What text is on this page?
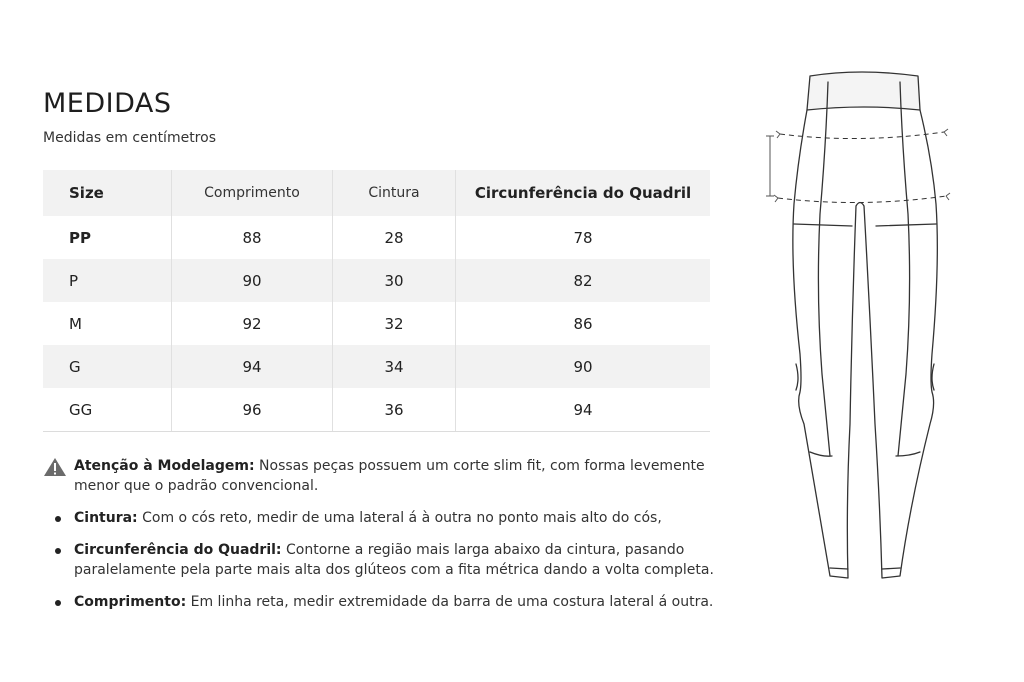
MEDIDAS
Medidas em centímetros
Size	Comprimento	Cintura	Circunferência do Quadril
PP	88	28	78
P	90	30	82
M	92	32	86
G	94	34	90
GG	96	36	94
Atenção à Modelagem: Nossas peças possuem um corte slim fit, com forma levemente menor que o padrão convencional.
Cintura: Com o cós reto, medir de uma lateral á à outra no ponto mais alto do cós,
Circunferência do Quadril: Contorne a região mais larga abaixo da cintura, pasando paralelamente pela parte mais alta dos glúteos com a fita métrica dando a volta completa.
Comprimento: Em linha reta, medir extremidade da barra de uma costura lateral á outra.
